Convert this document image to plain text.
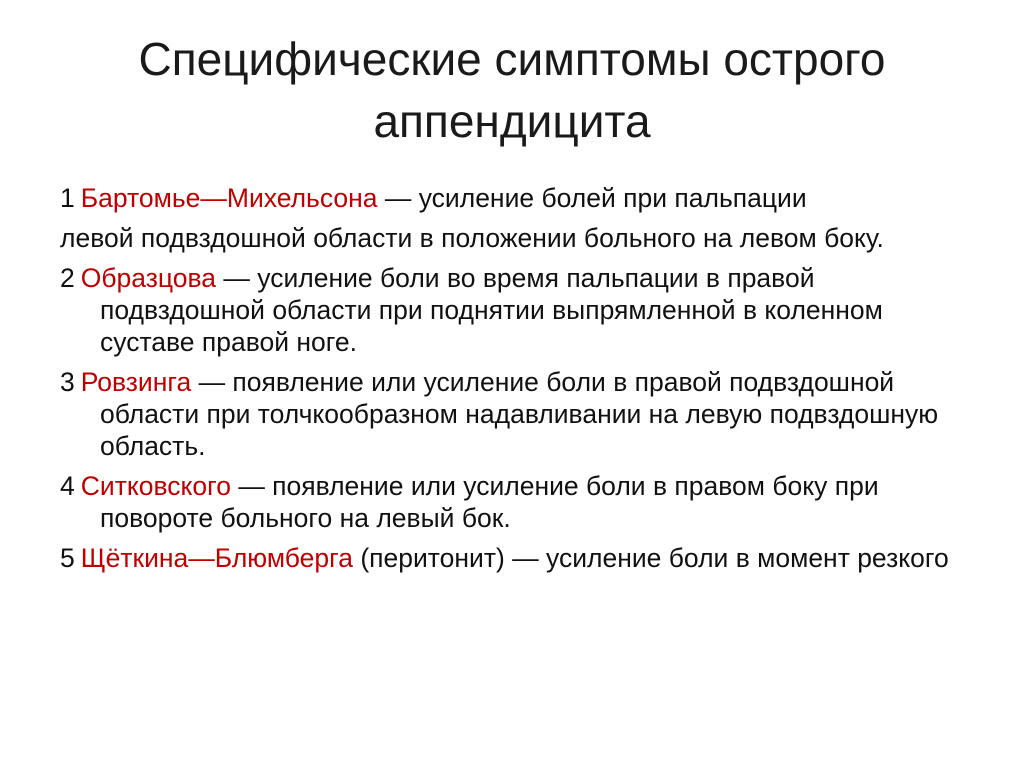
Специфические симптомы острого аппендицита

1 Бартомье—Михельсона — усиление болей при пальпации

левой подвздошной области в положении больного на левом боку.

2 Образцова — усиление боли во время пальпации в правой подвздошной области при поднятии выпрямленной в коленном суставе правой ноге.

3 Ровзинга — появление или усиление боли в правой подвздошной области при толчкообразном надавливании на левую подвздошную область.

4 Ситковского — появление или усиление боли в правом боку при повороте больного на левый бок.

5 Щёткина—Блюмберга (перитонит) — усиление боли в момент резкого
